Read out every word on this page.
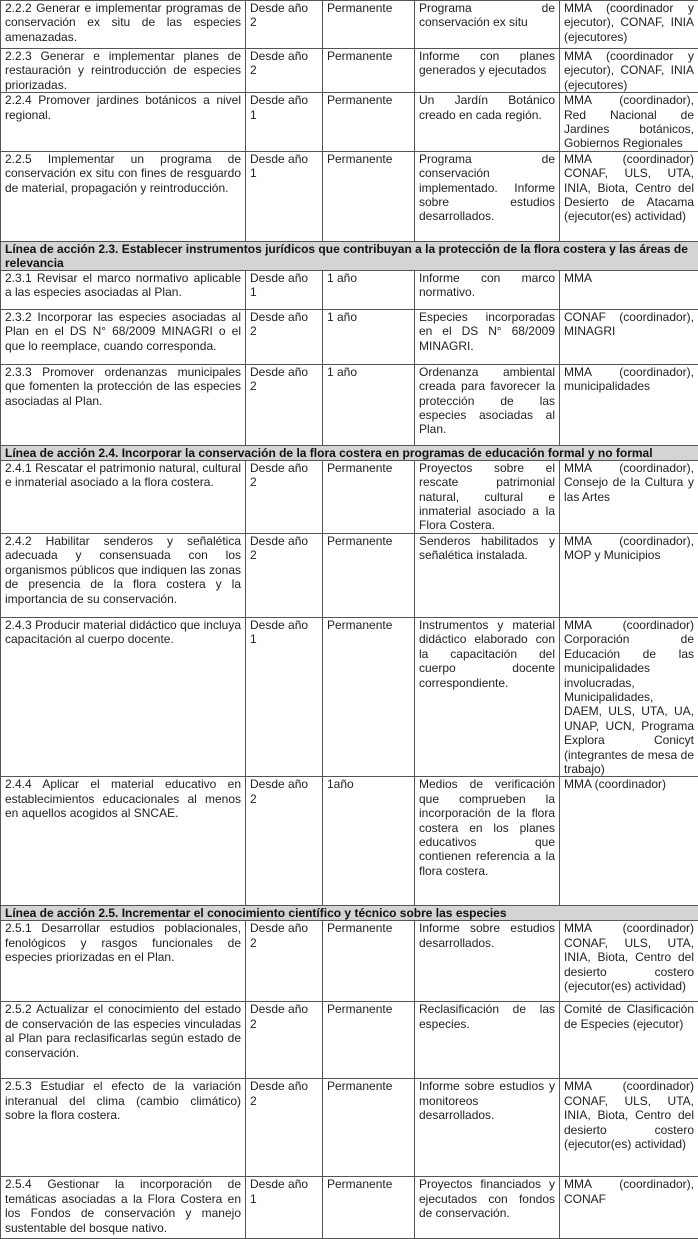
2.2.2 Generar e implementar programas de conservación ex situ de las especies amenazadas.	Desde año 2	Permanente	Programa de conservación ex situ	MMA (coordinador y ejecutor), CONAF, INIA (ejecutores)
2.2.3 Generar e implementar planes de restauración y reintroducción de especies priorizadas.	Desde año 2	Permanente	Informe con planes generados y ejecutados	MMA (coordinador y ejecutor), CONAF, INIA (ejecutores)
2.2.4 Promover jardines botánicos a nivel regional.	Desde año 1	Permanente	Un Jardín Botánico creado en cada región.	MMA (coordinador), Red Nacional de Jardines botánicos, Gobiernos Regionales
2.2.5 Implementar un programa de conservación ex situ con fines de resguardo de material, propagación y reintroducción.	Desde año 1	Permanente	Programa de conservación implementado. Informe sobre estudios desarrollados.	MMA (coordinador) CONAF, ULS, UTA, INIA, Biota, Centro del Desierto de Atacama (ejecutor(es) actividad)
Línea de acción 2.3. Establecer instrumentos jurídicos que contribuyan a la protección de la flora costera y las áreas de relevancia				
2.3.1 Revisar el marco normativo aplicable a las especies asociadas al Plan.	Desde año 1	1 año	Informe con marco normativo.	MMA
2.3.2 Incorporar las especies asociadas al Plan en el DS N° 68/2009 MINAGRI o el que lo reemplace, cuando corresponda.	Desde año 2	1 año	Especies incorporadas en el DS N° 68/2009 MINAGRI.	CONAF (coordinador), MINAGRI
2.3.3 Promover ordenanzas municipales que fomenten la protección de las especies asociadas al Plan.	Desde año 2	1 año	Ordenanza ambiental creada para favorecer la protección de las especies asociadas al Plan.	MMA (coordinador), municipalidades
Línea de acción 2.4. Incorporar la conservación de la flora costera en programas de educación formal y no formal				
2.4.1 Rescatar el patrimonio natural, cultural e inmaterial asociado a la flora costera.	Desde año 2	Permanente	Proyectos sobre el rescate patrimonial natural, cultural e inmaterial asociado a la Flora Costera.	MMA (coordinador), Consejo de la Cultura y las Artes
2.4.2 Habilitar senderos y señalética adecuada y consensuada con los organismos públicos que indiquen las zonas de presencia de la flora costera y la importancia de su conservación.	Desde año 2	Permanente	Senderos habilitados y señalética instalada.	MMA (coordinador), MOP y Municipios
2.4.3 Producir material didáctico que incluya capacitación al cuerpo docente.	Desde año 1	Permanente	Instrumentos y material didáctico elaborado con la capacitación del cuerpo docente correspondiente.	MMA (coordinador) Corporación de Educación de las municipalidades involucradas, Municipalidades, DAEM, ULS, UTA, UA, UNAP, UCN, Programa Explora Conicyt (integrantes de mesa de trabajo)
2.4.4 Aplicar el material educativo en establecimientos educacionales al menos en aquellos acogidos al SNCAE.	Desde año 2	1año	Medios de verificación que comprueben la incorporación de la flora costera en los planes educativos que contienen referencia a la flora costera.	MMA (coordinador)
Línea de acción 2.5. Incrementar el conocimiento científico y técnico sobre las especies				
2.5.1 Desarrollar estudios poblacionales, fenológicos y rasgos funcionales de especies priorizadas en el Plan.	Desde año 2	Permanente	Informe sobre estudios desarrollados.	MMA (coordinador) CONAF, ULS, UTA, INIA, Biota, Centro del desierto costero (ejecutor(es) actividad)
2.5.2 Actualizar el conocimiento del estado de conservación de las especies vinculadas al Plan para reclasificarlas según estado de conservación.	Desde año 2	Permanente	Reclasificación de las especies.	Comité de Clasificación de Especies (ejecutor)
2.5.3 Estudiar el efecto de la variación interanual del clima (cambio climático) sobre la flora costera.	Desde año 2	Permanente	Informe sobre estudios y monitoreos desarrollados.	MMA (coordinador) CONAF, ULS, UTA, INIA, Biota, Centro del desierto costero (ejecutor(es) actividad)
2.5.4 Gestionar la incorporación de temáticas asociadas a la Flora Costera en los Fondos de conservación y manejo sustentable del bosque nativo.	Desde año 1	Permanente	Proyectos financiados y ejecutados con fondos de conservación.	MMA (coordinador), CONAF
